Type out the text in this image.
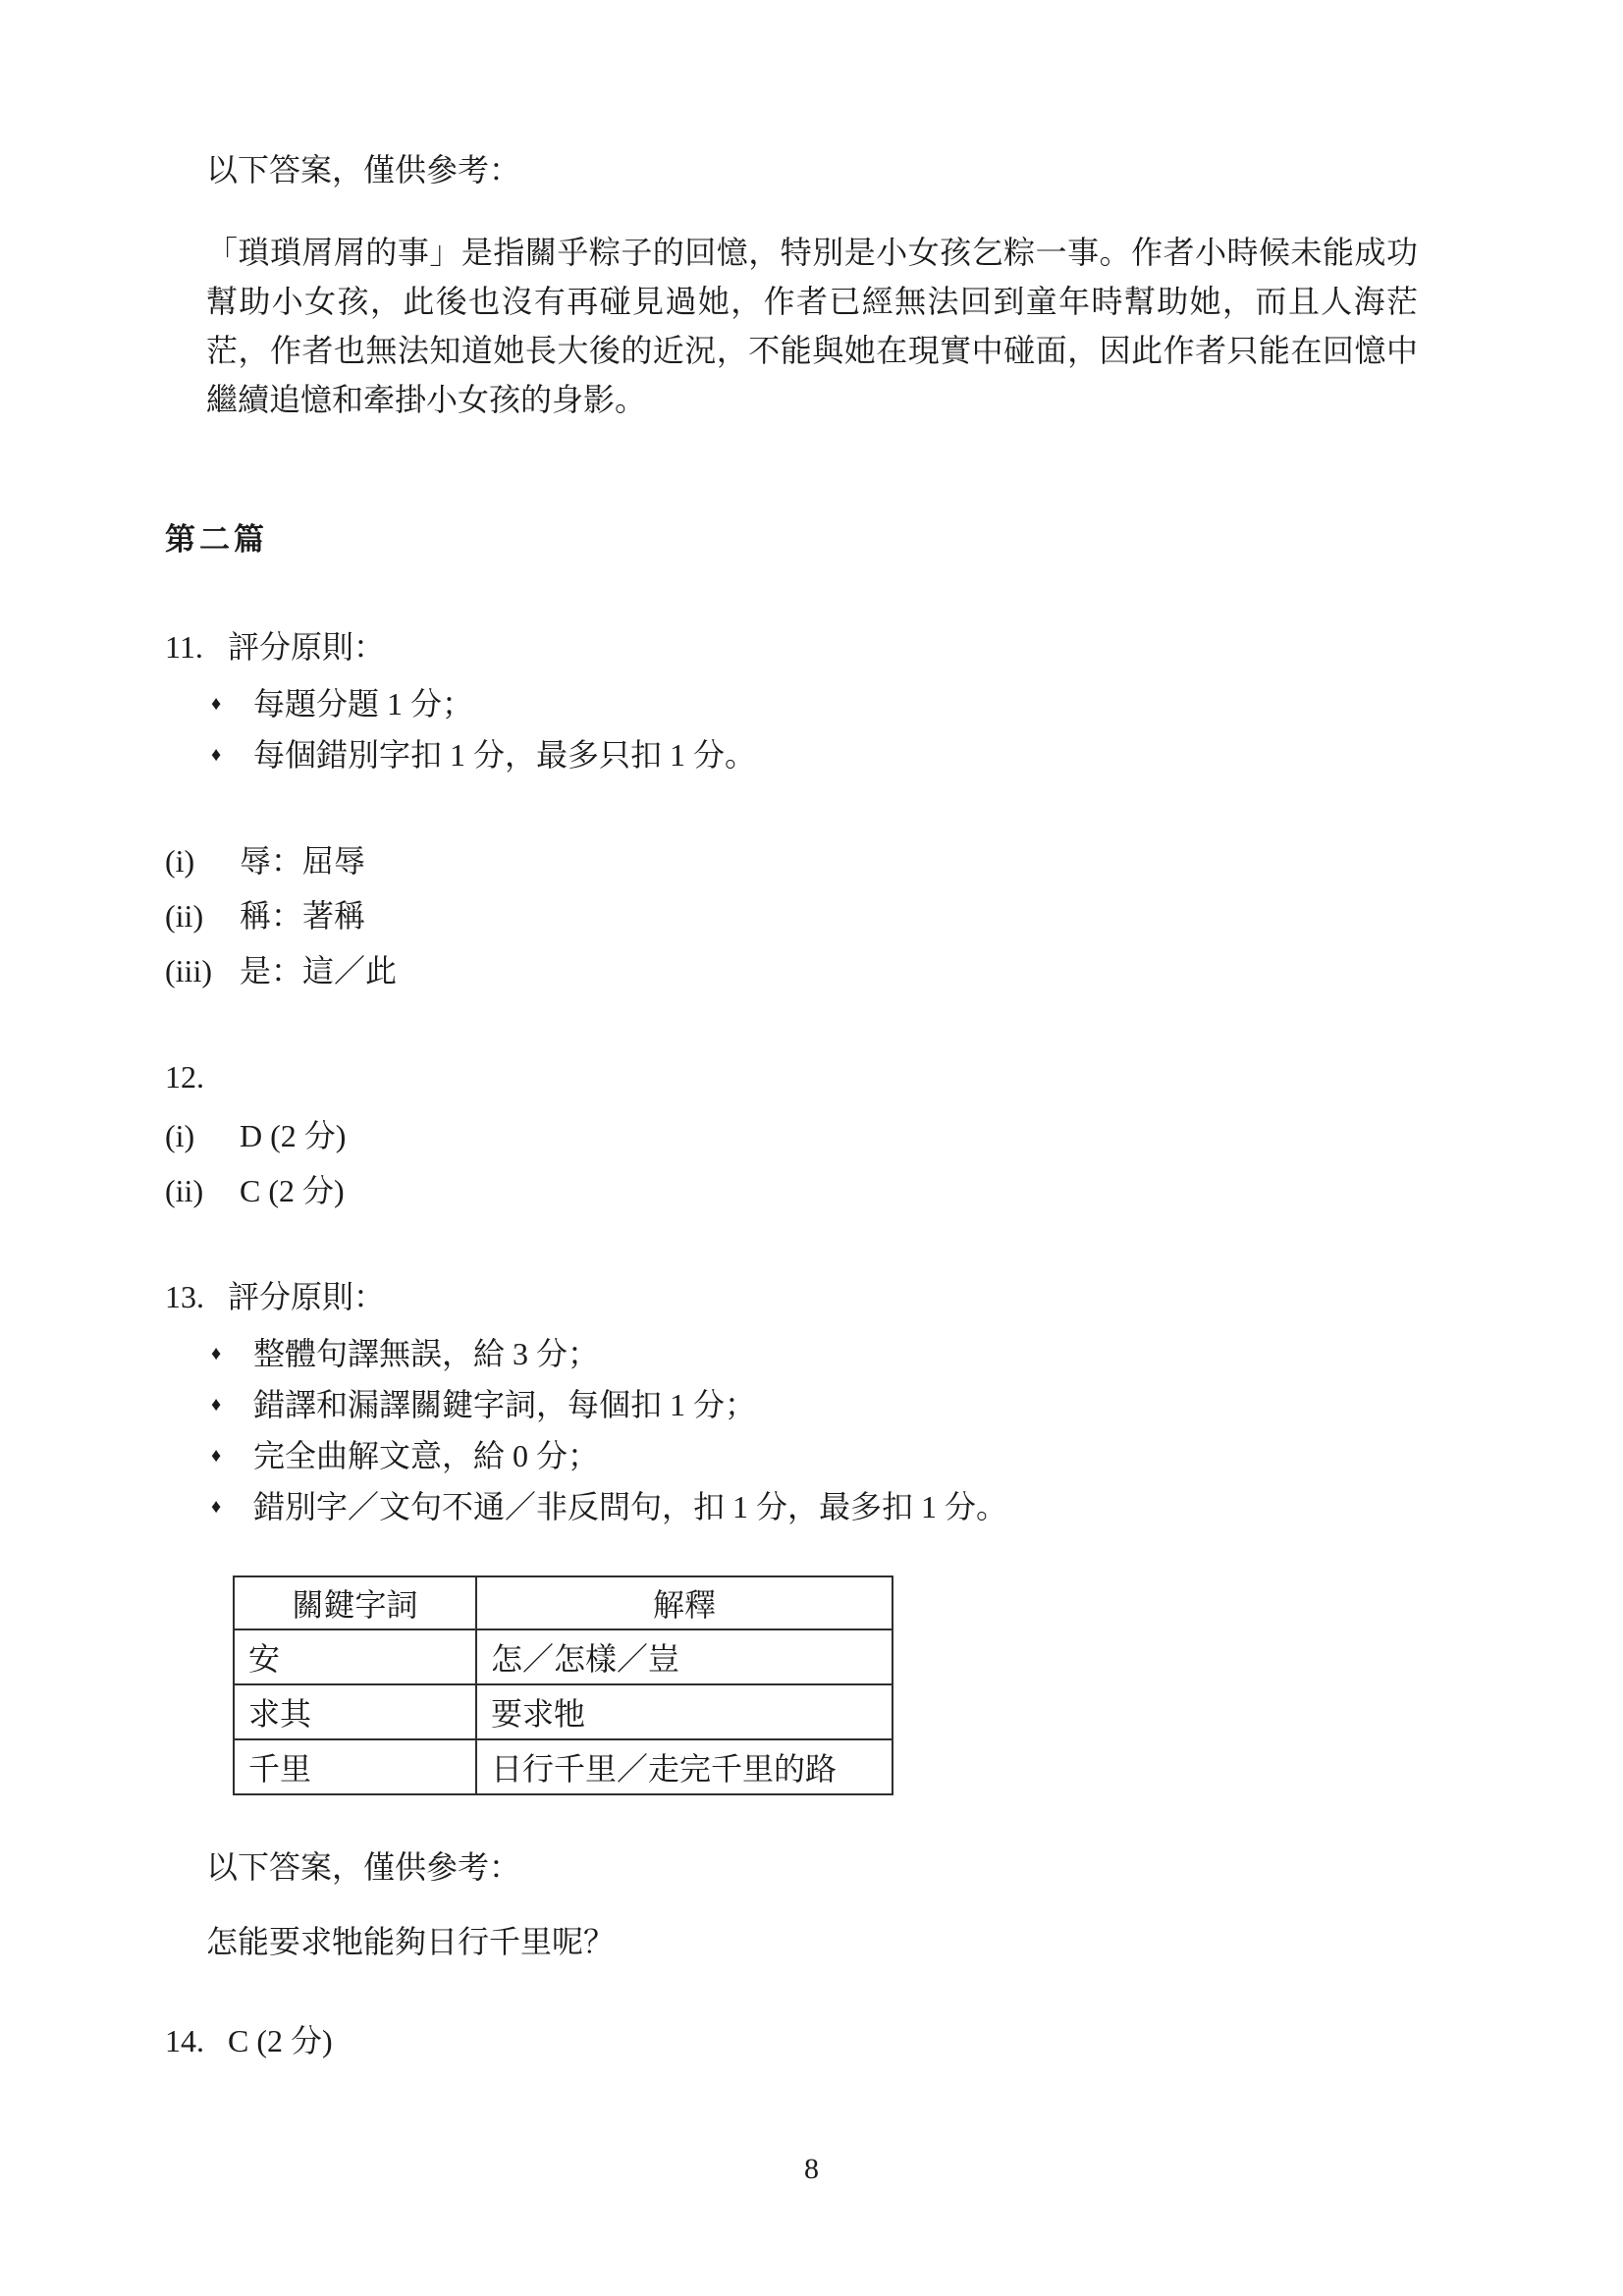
以下答案，僅供參考：

「瑣瑣屑屑的事」是指關乎粽子的回憶，特別是小女孩乞粽一事。作者小時候未能成功幫助小女孩，此後也沒有再碰見過她，作者已經無法回到童年時幫助她，而且人海茫茫，作者也無法知道她長大後的近況，不能與她在現實中碰面，因此作者只能在回憶中繼續追憶和牽掛小女孩的身影。

第二篇
11. 評分原則：
♦	每題分題 1 分；
♦	每個錯別字扣 1 分，最多只扣 1 分。
(i)	辱：屈辱
(ii)	稱：著稱
(iii) 是：這／此
12.
(i)	D (2 分)
(ii)	C (2 分)
13. 評分原則：
♦	整體句譯無誤，給 3 分；
♦	錯譯和漏譯關鍵字詞，每個扣 1 分；
♦	完全曲解文意，給 0 分；
♦	錯別字／文句不通／非反問句，扣 1 分，最多扣 1 分。
關鍵字詞	解釋
安	怎／怎樣／豈
求其	要求牠
千里	日行千里／走完千里的路
以下答案，僅供參考：
怎能要求牠能夠日行千里呢？
14. C (2 分)
8
